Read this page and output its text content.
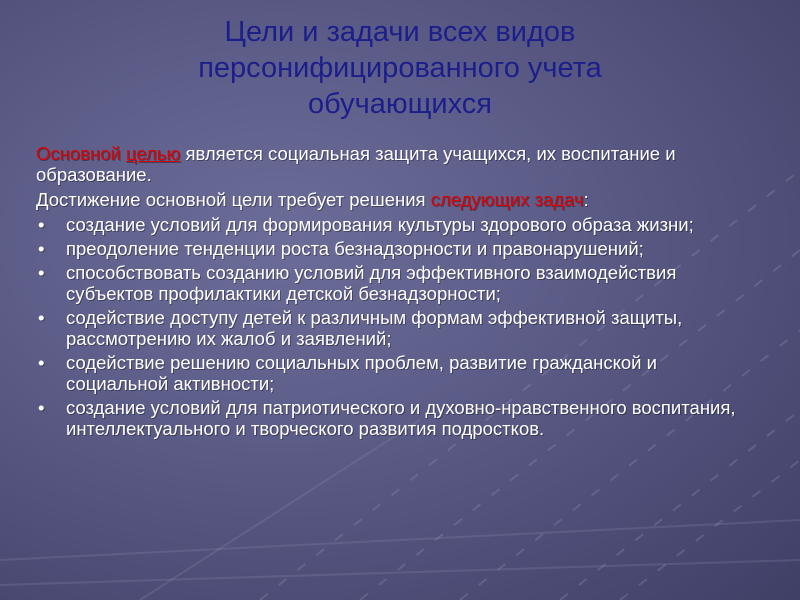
Цели и задачи всех видов
персонифицированного учета
обучающихся

Основной целью является социальная защита учащихся, их воспитание и образование.

Достижение основной цели требует решения следующих задач:

• создание условий для формирования культуры здорового образа жизни;
• преодоление тенденции роста безнадзорности и правонарушений;
• способствовать созданию условий для эффективного взаимодействия субъектов профилактики детской безнадзорности;
• содействие доступу детей к различным формам эффективной защиты, рассмотрению их жалоб и заявлений;
• содействие решению социальных проблем, развитие гражданской и социальной активности;
• создание условий для патриотического и духовно-нравственного воспитания, интеллектуального и творческого развития подростков.
